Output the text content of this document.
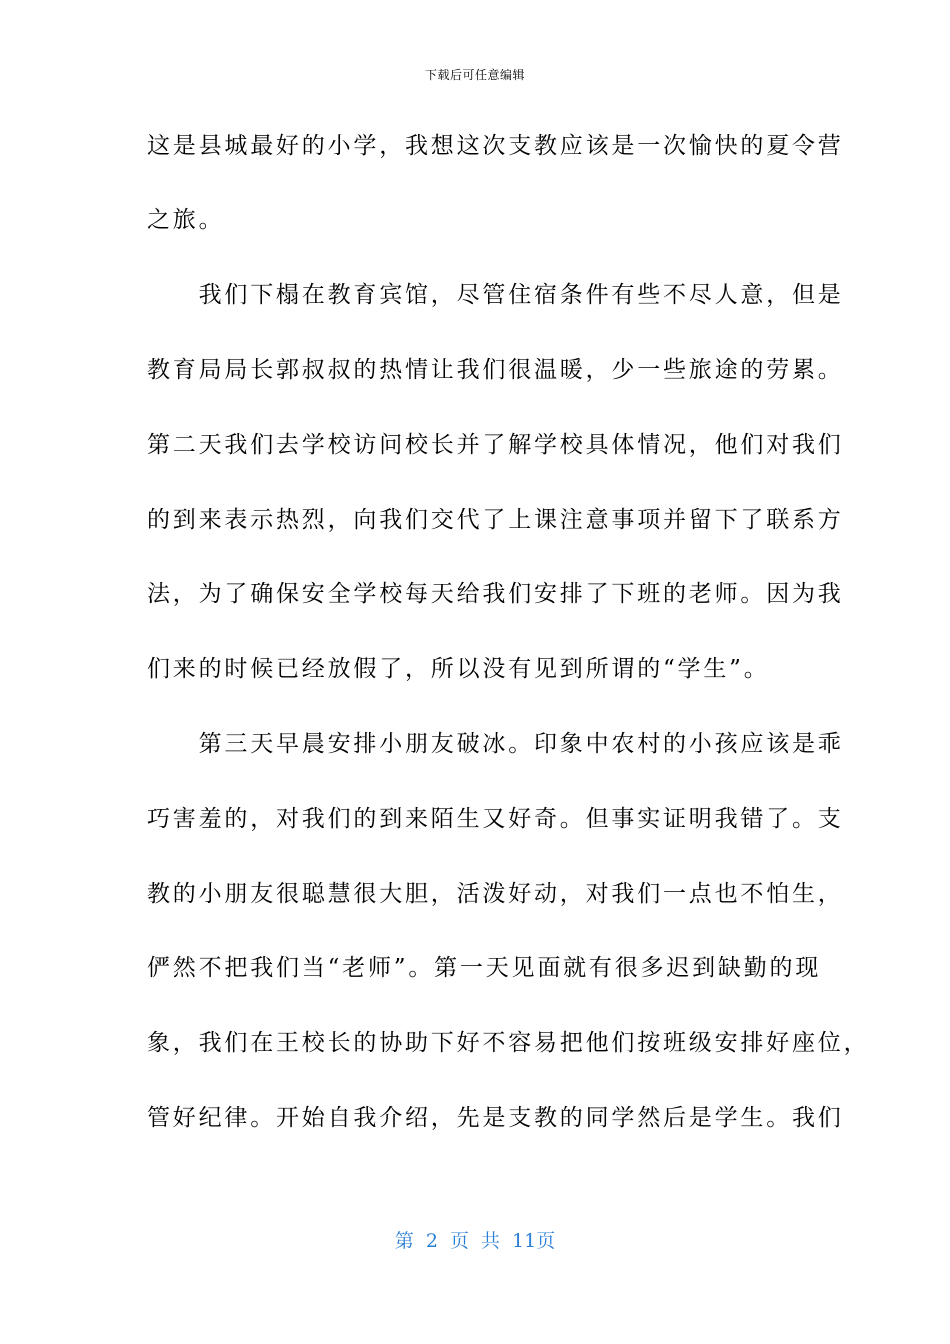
下载后可任意编辑
这是县城最好的小学，我想这次支教应该是一次愉快的夏令营
之旅。
　　我们下榻在教育宾馆，尽管住宿条件有些不尽人意，但是
教育局局长郭叔叔的热情让我们很温暖，少一些旅途的劳累。
第二天我们去学校访问校长并了解学校具体情况，他们对我们
的到来表示热烈，向我们交代了上课注意事项并留下了联系方
法，为了确保安全学校每天给我们安排了下班的老师。因为我
们来的时候已经放假了，所以没有见到所谓的“学生”。
　　第三天早晨安排小朋友破冰。印象中农村的小孩应该是乖
巧害羞的，对我们的到来陌生又好奇。但事实证明我错了。支
教的小朋友很聪慧很大胆，活泼好动，对我们一点也不怕生，
俨然不把我们当“老师”。第一天见面就有很多迟到缺勤的现
象，我们在王校长的协助下好不容易把他们按班级安排好座位，
管好纪律。开始自我介绍，先是支教的同学然后是学生。我们
第 2 页 共 11页
